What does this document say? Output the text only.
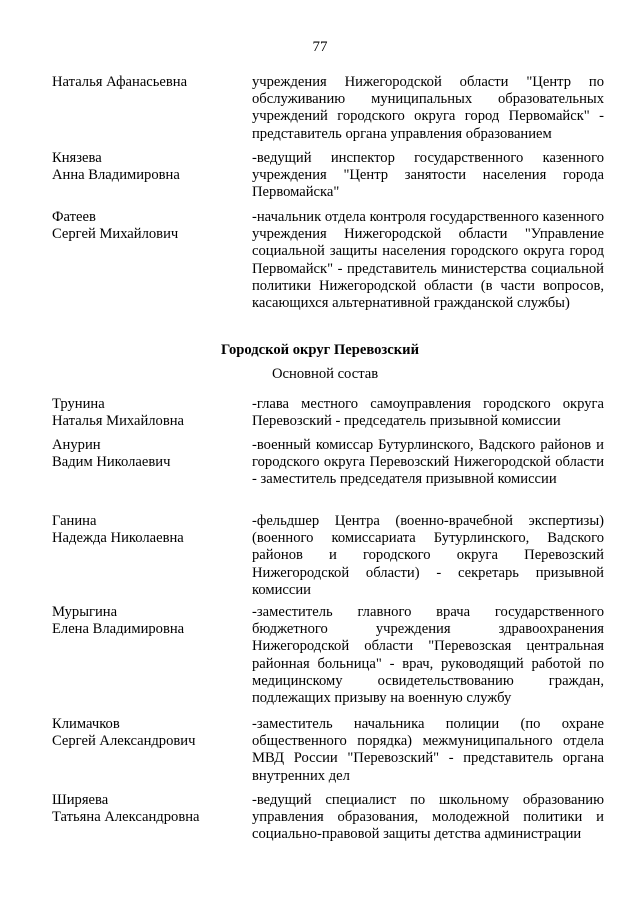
77
Наталья Афанасьевна	учреждения Нижегородской области "Центр по обслуживанию муниципальных образовательных учреждений городского округа город Первомайск" - представитель органа управления образованием
Князева
Анна Владимировна
-ведущий инспектор государственного казенного учреждения "Центр занятости населения города Первомайска"
Фатеев
Сергей Михайлович
-начальник отдела контроля государственного казенного учреждения Нижегородской области "Управление социальной защиты населения городского округа город Первомайск" - представитель министерства социальной политики Нижегородской области (в части вопросов, касающихся альтернативной гражданской службы)
Городской округ Перевозский
Основной состав
Трунина
Наталья Михайловна
-глава местного самоуправления городского округа Перевозский - председатель призывной комиссии
Анурин
Вадим Николаевич
-военный комиссар Бутурлинского, Вадского районов и городского округа Перевозский Нижегородской области - заместитель председателя призывной комиссии
Ганина
Надежда Николаевна
-фельдшер Центра (военно-врачебной экспертизы) (военного комиссариата Бутурлинского, Вадского районов и городского округа Перевозский Нижегородской области) - секретарь призывной комиссии
Мурыгина
Елена Владимировна
-заместитель главного врача государственного бюджетного учреждения здравоохранения Нижегородской области "Перевозская центральная районная больница" - врач, руководящий работой по медицинскому освидетельствованию граждан, подлежащих призыву на военную службу
Климачков
Сергей Александрович
-заместитель начальника полиции (по охране общественного порядка) межмуниципального отдела МВД России "Перевозский" - представитель органа внутренних дел
Ширяева
Татьяна Александровна
-ведущий специалист по школьному образованию управления образования, молодежной политики и социально-правовой защиты детства администрации
